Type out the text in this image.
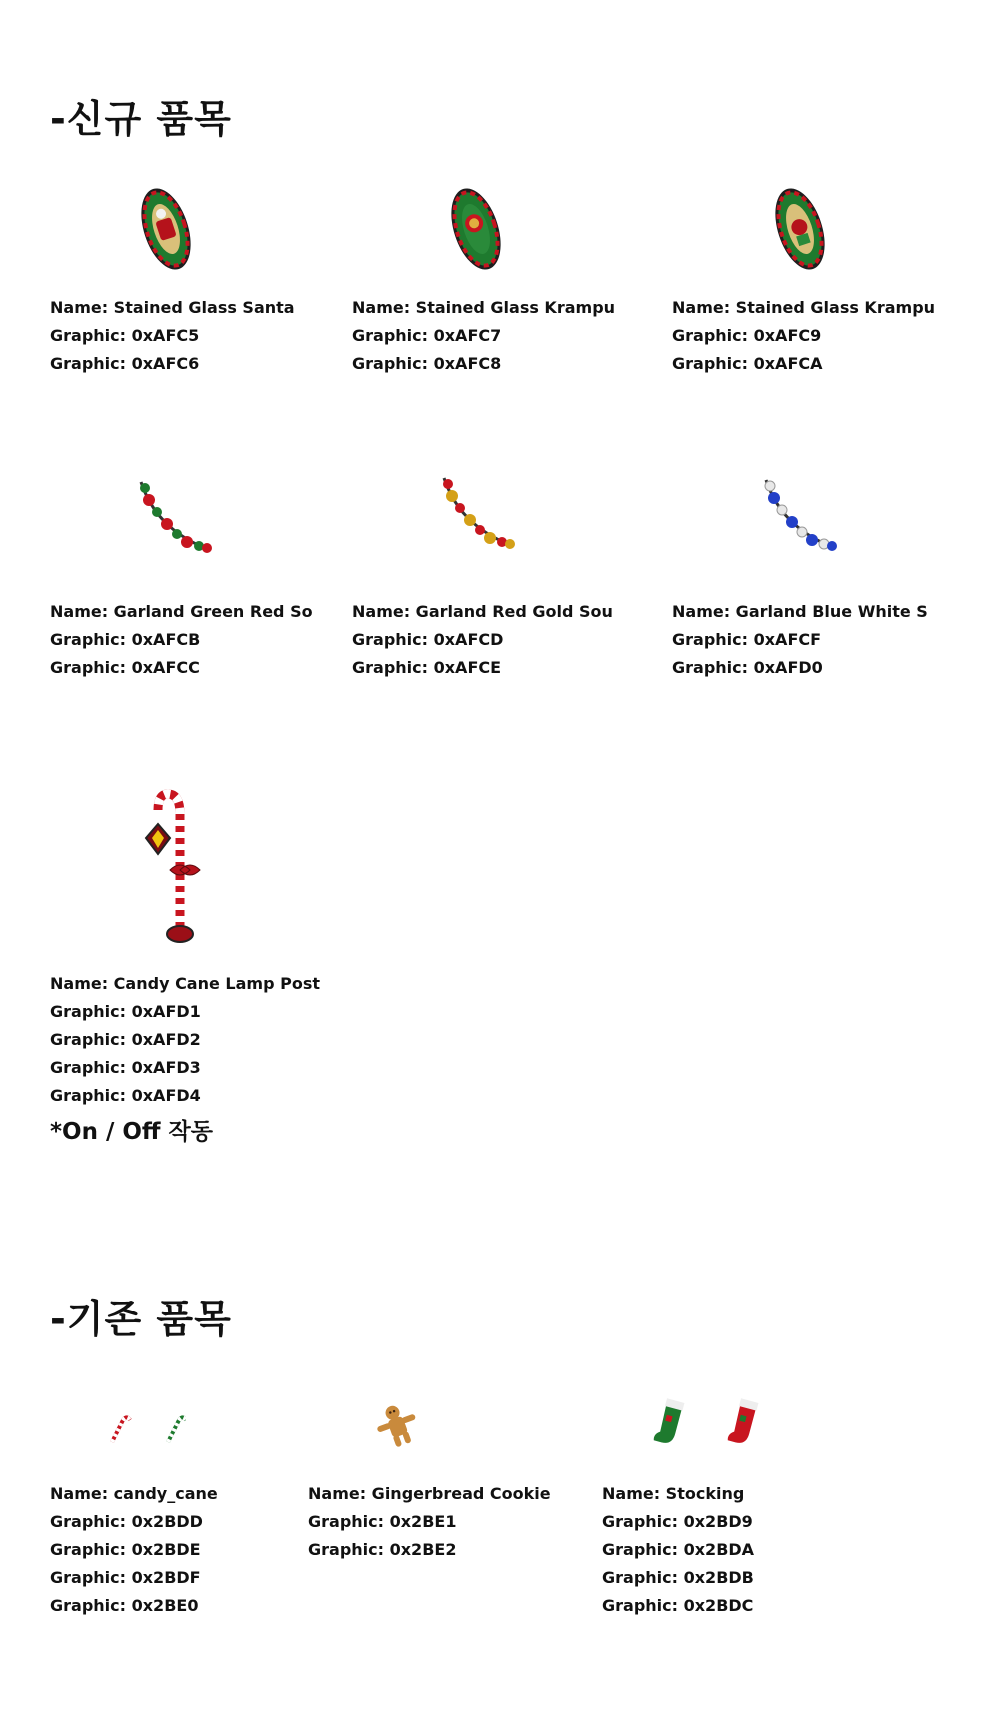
-신규 품목
Name: Stained Glass Santa
Graphic: 0xAFC5
Graphic: 0xAFC6
Name: Stained Glass Krampu
Graphic: 0xAFC7
Graphic: 0xAFC8
Name: Stained Glass Krampu
Graphic: 0xAFC9
Graphic: 0xAFCA
Name: Garland Green Red So
Graphic: 0xAFCB
Graphic: 0xAFCC
Name: Garland Red Gold Sou
Graphic: 0xAFCD
Graphic: 0xAFCE
Name: Garland Blue White S
Graphic: 0xAFCF
Graphic: 0xAFD0
Name: Candy Cane Lamp Post
Graphic: 0xAFD1
Graphic: 0xAFD2
Graphic: 0xAFD3
Graphic: 0xAFD4
*On / Off 작동
-기존 품목
Name: candy_cane
Graphic: 0x2BDD
Graphic: 0x2BDE
Graphic: 0x2BDF
Graphic: 0x2BE0
Name: Gingerbread Cookie
Graphic: 0x2BE1
Graphic: 0x2BE2
Name: Stocking
Graphic: 0x2BD9
Graphic: 0x2BDA
Graphic: 0x2BDB
Graphic: 0x2BDC
